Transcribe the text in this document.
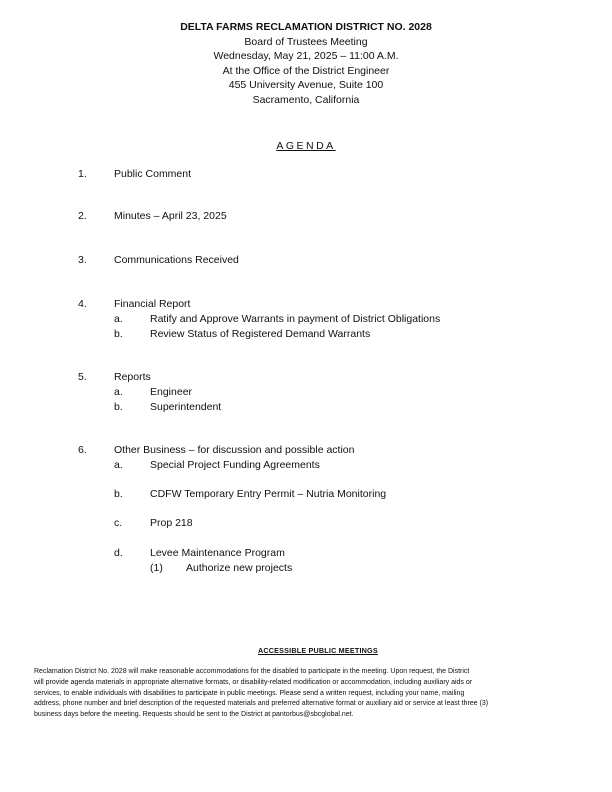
DELTA FARMS RECLAMATION DISTRICT NO. 2028
Board of Trustees Meeting
Wednesday, May 21, 2025 – 11:00 A.M.
At the Office of the District Engineer
455 University Avenue, Suite 100
Sacramento, California
AGENDA
1.	Public Comment
2.	Minutes – April 23, 2025
3.	Communications Received
4.	Financial Report
a.	Ratify and Approve Warrants in payment of District Obligations
b.	Review Status of Registered Demand Warrants
5.	Reports
a.	Engineer
b.	Superintendent
6.	Other Business – for discussion and possible action
a.	Special Project Funding Agreements
b.	CDFW Temporary Entry Permit – Nutria Monitoring
c.	Prop 218
d.	Levee Maintenance Program
(1) Authorize new projects
ACCESSIBLE PUBLIC MEETINGS
Reclamation District No. 2028 will make reasonable accommodations for the disabled to participate in the meeting. Upon request, the District
will provide agenda materials in appropriate alternative formats, or disability-related modification or accommodation, including auxiliary aids or
services, to enable individuals with disabilities to participate in public meetings. Please send a written request, including your name, mailing
address, phone number and brief description of the requested materials and preferred alternative format or auxiliary aid or service at least three (3)
business days before the meeting. Requests should be sent to the District at pantorbus@sbcglobal.net.
